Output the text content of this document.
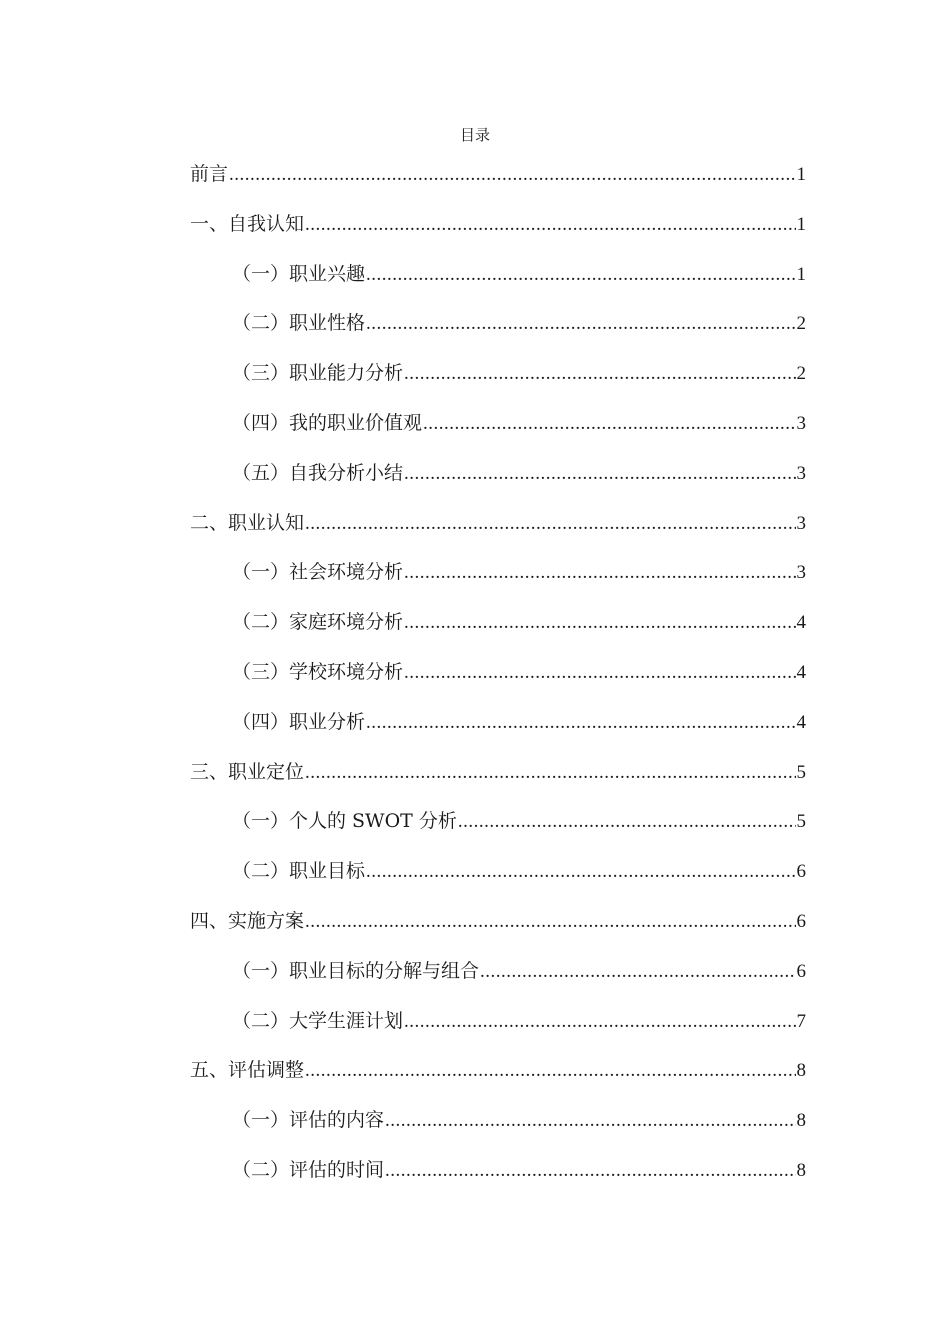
目录
前言 .....	1
一、自我认知 .....	1
（一）职业兴趣 .....	1
（二）职业性格 .....	2
（三）职业能力分析 .....	2
（四）我的职业价值观 .....	3
（五）自我分析小结 .....	3
二、职业认知 .....	3
（一）社会环境分析 .....	3
（二）家庭环境分析 .....	4
（三）学校环境分析 .....	4
（四）职业分析 .....	4
三、职业定位 .....	5
（一）个人的 SWOT 分析 .....	5
（二）职业目标 .....	6
四、实施方案 .....	6
（一）职业目标的分解与组合 .....	6
（二）大学生涯计划 .....	7
五、评估调整 .....	8
（一）评估的内容 .....	8
（二）评估的时间 .....	8
